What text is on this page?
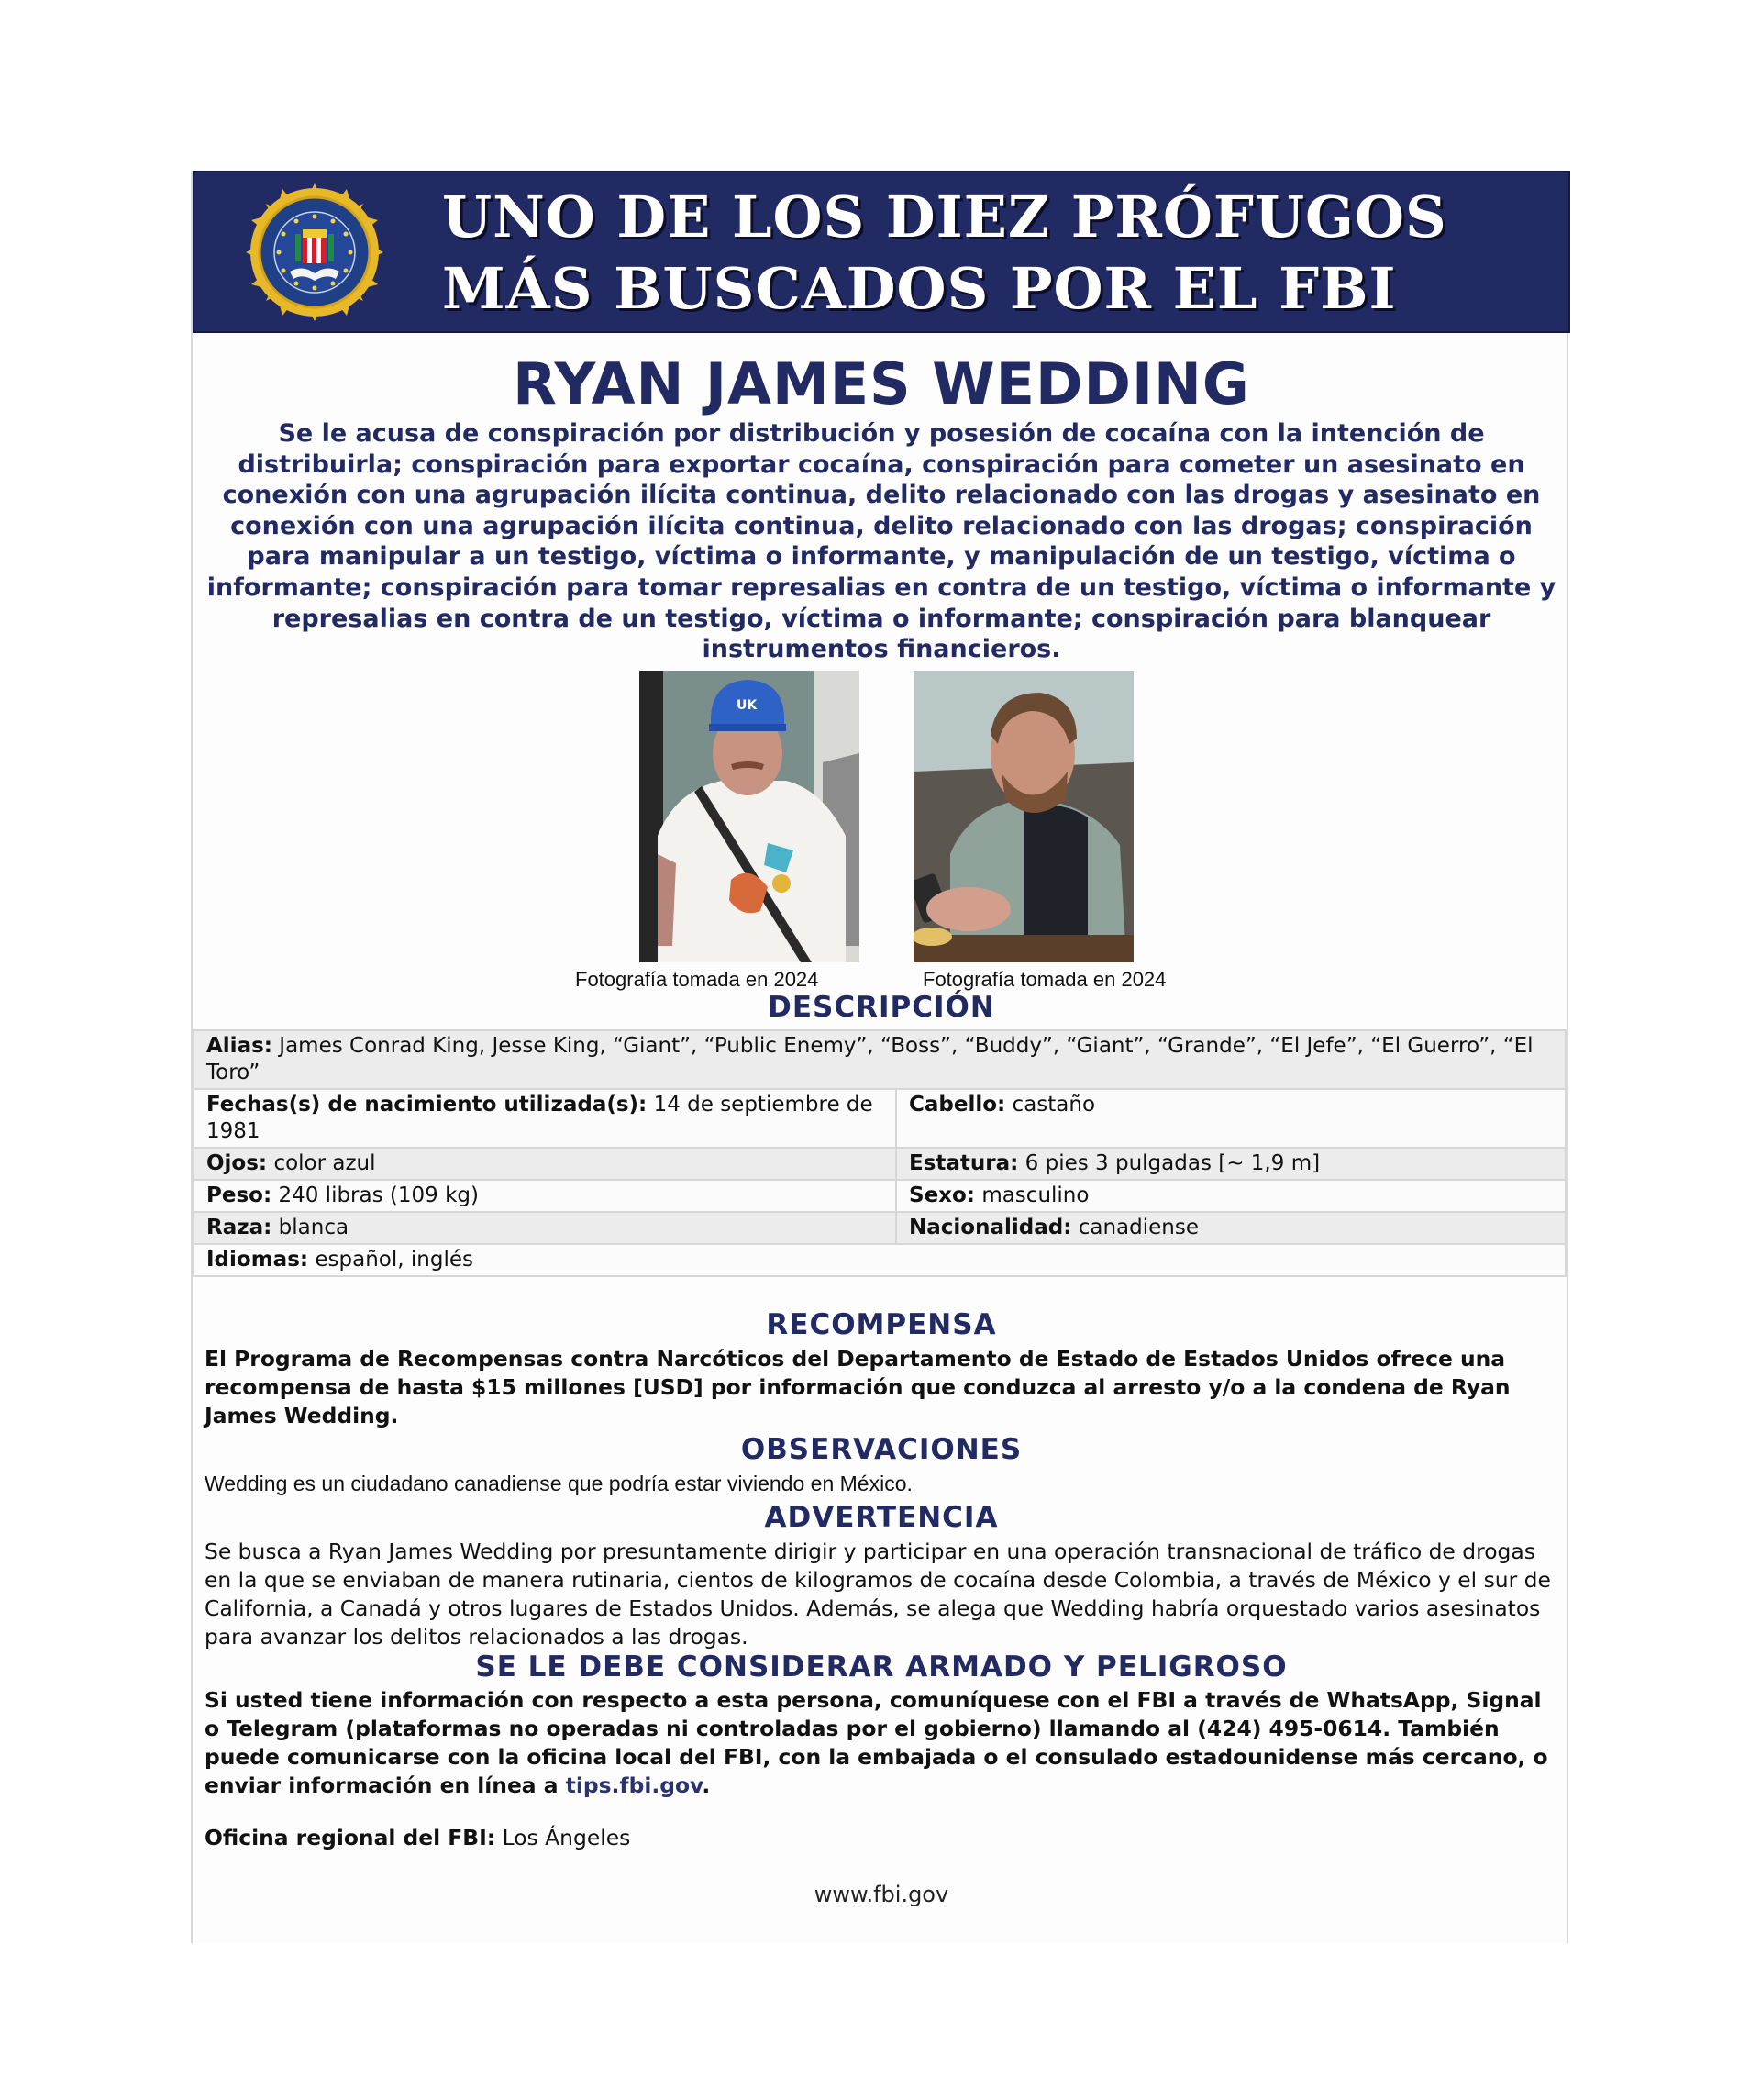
UNO DE LOS DIEZ PRÓFUGOS
MÁS BUSCADOS POR EL FBI
RYAN JAMES WEDDING
Se le acusa de conspiración por distribución y posesión de cocaína con la intención de distribuirla; conspiración para exportar cocaína, conspiración para cometer un asesinato en conexión con una agrupación ilícita continua, delito relacionado con las drogas y asesinato en conexión con una agrupación ilícita continua, delito relacionado con las drogas; conspiración para manipular a un testigo, víctima o informante, y manipulación de un testigo, víctima o informante; conspiración para tomar represalias en contra de un testigo, víctima o informante y represalias en contra de un testigo, víctima o informante; conspiración para blanquear instrumentos financieros.
UK
Fotografía tomada en 2024	Fotografía tomada en 2024
DESCRIPCIÓN
Alias: James Conrad King, Jesse King, “Giant”, “Public Enemy”, “Boss”, “Buddy”, “Giant”, “Grande”, “El Jefe”, “El Guerro”, “El Toro”	
Fechas(s) de nacimiento utilizada(s): 14 de septiembre de 1981	Cabello: castaño
Ojos: color azul	Estatura: 6 pies 3 pulgadas [~ 1,9 m]
Peso: 240 libras (109 kg)	Sexo: masculino
Raza: blanca	Nacionalidad: canadiense
Idiomas: español, inglés	
RECOMPENSA
El Programa de Recompensas contra Narcóticos del Departamento de Estado de Estados Unidos ofrece una recompensa de hasta $15 millones [USD] por información que conduzca al arresto y/o a la condena de Ryan James Wedding.
OBSERVACIONES
Wedding es un ciudadano canadiense que podría estar viviendo en México.
ADVERTENCIA
Se busca a Ryan James Wedding por presuntamente dirigir y participar en una operación transnacional de tráfico de drogas en la que se enviaban de manera rutinaria, cientos de kilogramos de cocaína desde Colombia, a través de México y el sur de California, a Canadá y otros lugares de Estados Unidos. Además, se alega que Wedding habría orquestado varios asesinatos para avanzar los delitos relacionados a las drogas.
SE LE DEBE CONSIDERAR ARMADO Y PELIGROSO
Si usted tiene información con respecto a esta persona, comuníquese con el FBI a través de WhatsApp, Signal o Telegram (plataformas no operadas ni controladas por el gobierno) llamando al (424) 495-0614. También puede comunicarse con la oficina local del FBI, con la embajada o el consulado estadounidense más cercano, o enviar información en línea a tips.fbi.gov.
Oficina regional del FBI: Los Ángeles
www.fbi.gov
